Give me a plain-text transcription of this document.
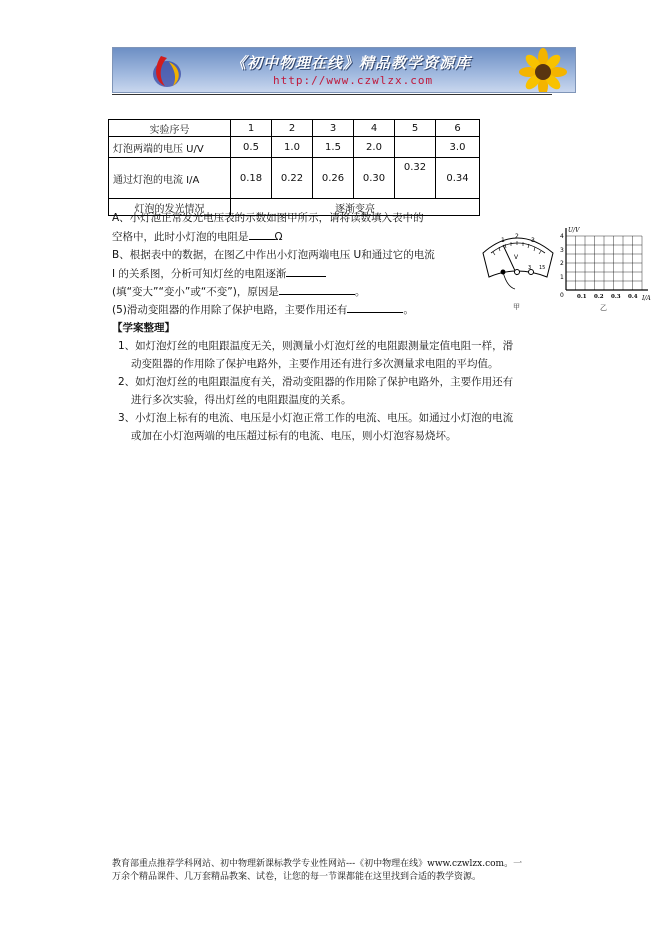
《初中物理在线》精品教学资源库
http://www.czwlzx.com
实验序号	1	2	3	4	5	6
灯泡两端的电压 U/V	0.5	1.0	1.5	2.0		3.0
通过灯泡的电流 I/A	0.18	0.22	0.26	0.30	0.32	0.34
灯泡的发光情况	逐渐变亮					
A、小灯泡正常发光电压表的示数如图甲所示，请将读数填入表中的
空格中，此时小灯泡的电阻是 Ω
B、根据表中的数据，在图乙中作出小灯泡两端电压 U和通过它的电流
I 的关系图，分析可知灯丝的电阻逐渐
(填“变大”“变小”或“不变”)，原因是	。
(5)滑动变阻器的作用除了保护电路，主要作用还有	。
1
2
3
V
3 15
甲
U/V
4
3
2
1
0 0.1 0.2 0.3 0.4 I/A
乙
【学案整理】
1、如灯泡灯丝的电阻跟温度无关，则测量小灯泡灯丝的电阻跟测量定值电阻一样，滑
动变阻器的作用除了保护电路外，主要作用还有进行多次测量求电阻的平均值。
2、如灯泡灯丝的电阻跟温度有关，滑动变阻器的作用除了保护电路外，主要作用还有
进行多次实验，得出灯丝的电阻跟温度的关系。
3、小灯泡上标有的电流、电压是小灯泡正常工作的电流、电压。如通过小灯泡的电流
或加在小灯泡两端的电压超过标有的电流、电压，则小灯泡容易烧坏。
教育部重点推荐学科网站、初中物理新课标教学专业性网站---《初中物理在线》www.czwlzx.com。一
万余个精品课件、几万套精品教案、试卷，让您的每一节课都能在这里找到合适的教学资源。
